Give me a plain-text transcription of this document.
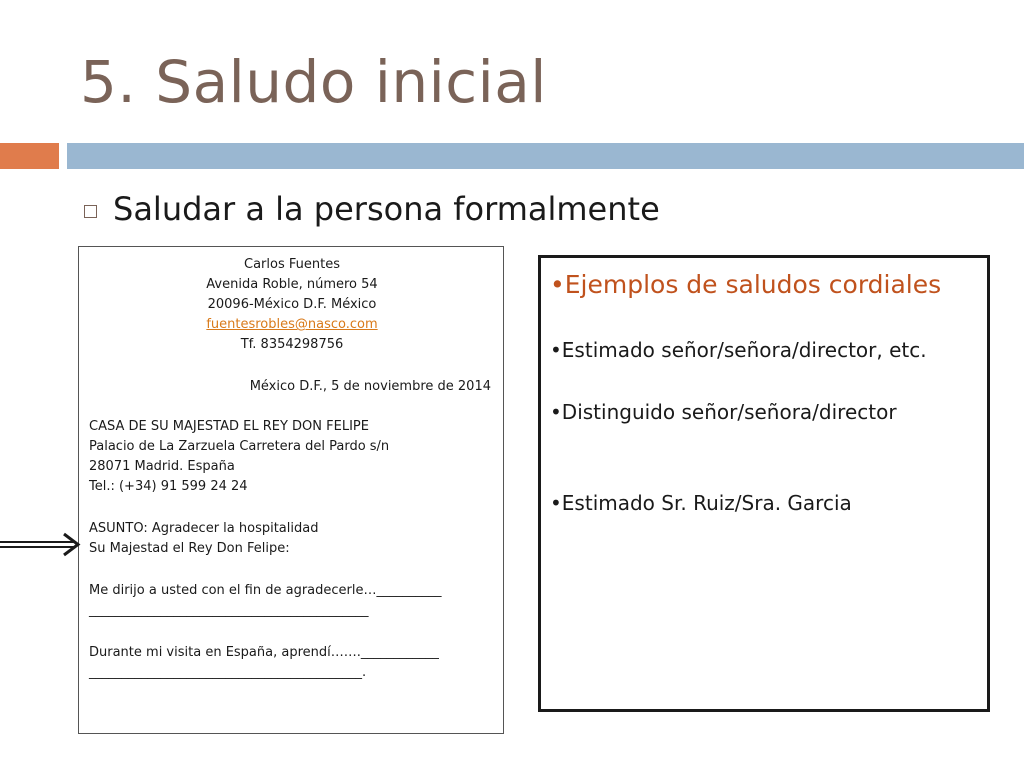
5. Saludo inicial
Saludar a la persona formalmente
Carlos Fuentes
Avenida Roble, número 54
20096-México D.F. México
fuentesrobles@nasco.com
Tf. 8354298756
México D.F., 5 de noviembre de 2014
CASA DE SU MAJESTAD EL REY DON FELIPE
Palacio de La Zarzuela Carretera del Pardo s/n
28071 Madrid. España
Tel.: (+34) 91 599 24 24
ASUNTO: Agradecer la hospitalidad
Su Majestad el Rey Don Felipe:
Me dirijo a usted con el fin de agradecerle…__________
___________________________________________
Durante mi visita en España, aprendí…….____________
__________________________________________.
•Ejemplos de saludos cordiales
•Estimado señor/señora/director, etc.
•Distinguido señor/señora/director
•Estimado Sr. Ruiz/Sra. Garcia
